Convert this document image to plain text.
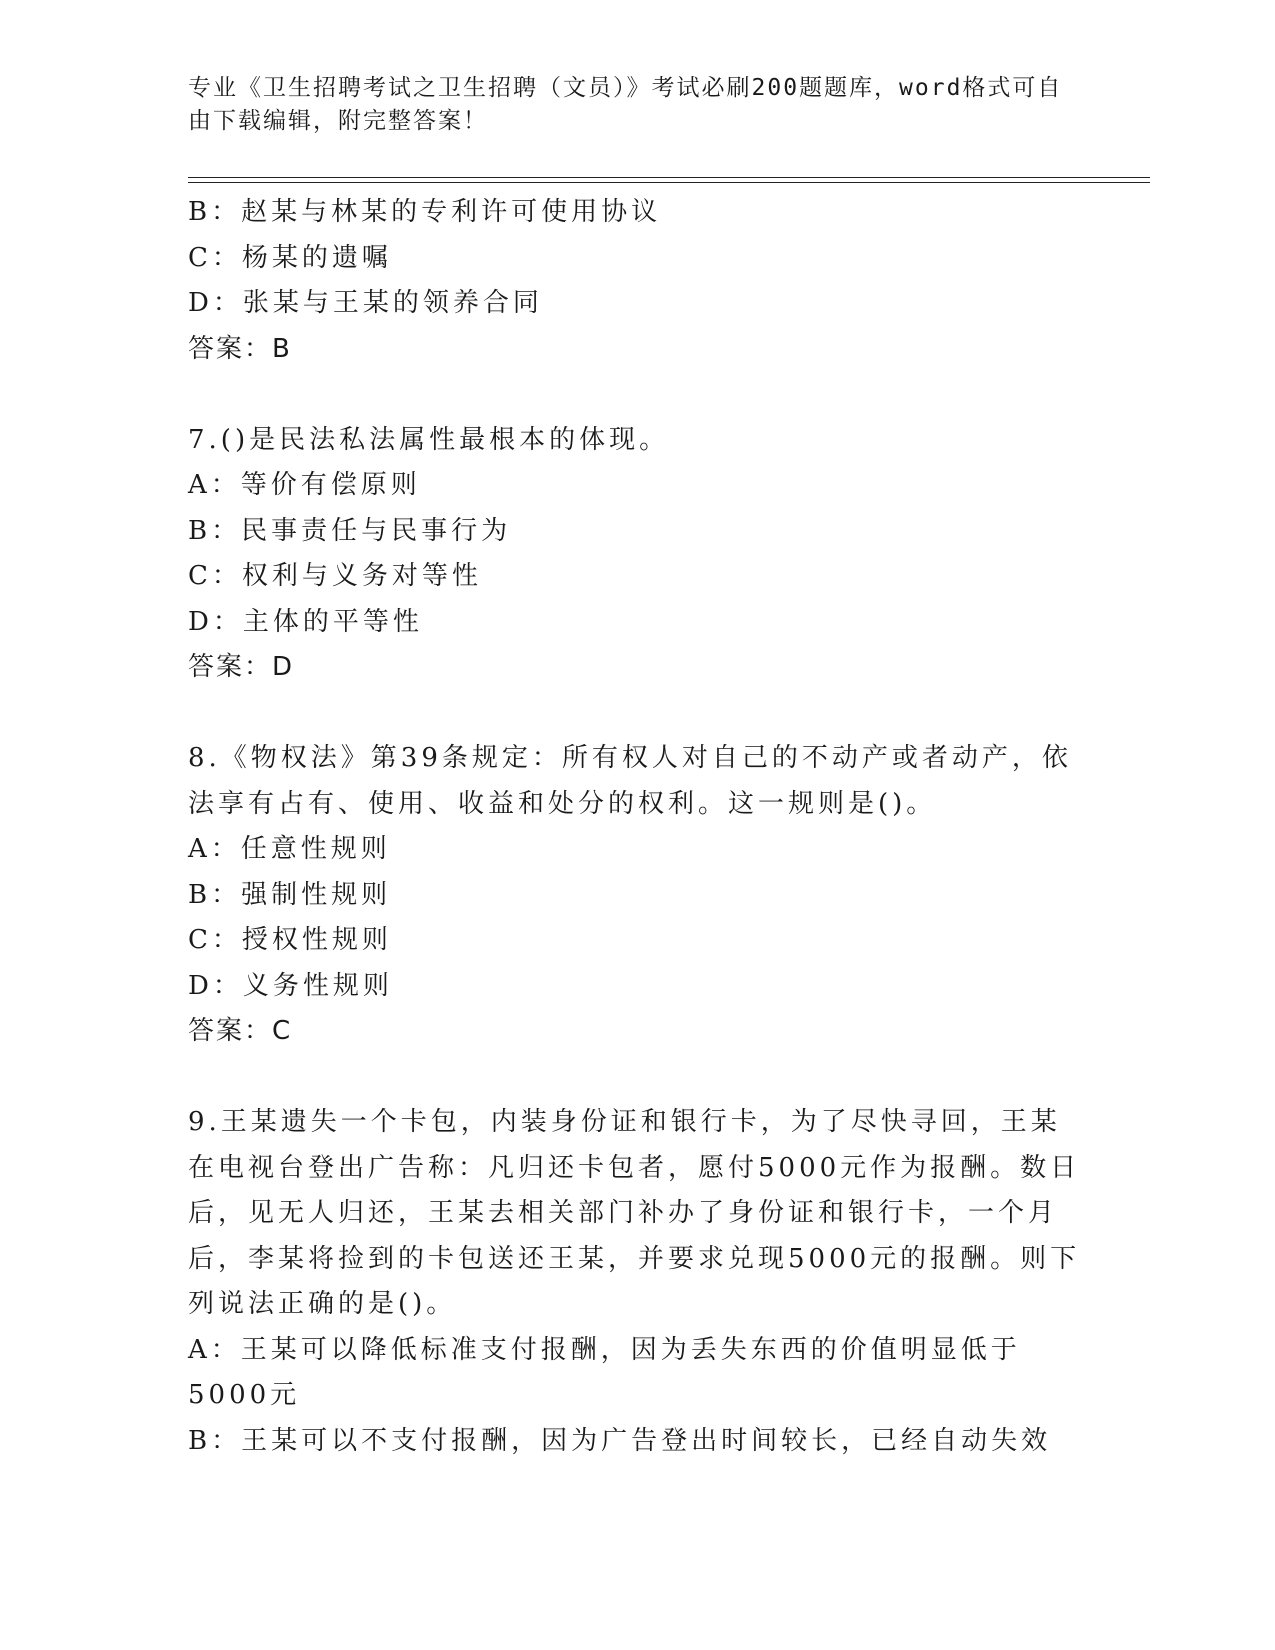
专业《卫生招聘考试之卫生招聘（文员）》考试必刷200题题库，word格式可自由下载编辑，附完整答案！
B：赵某与林某的专利许可使用协议
C：杨某的遗嘱
D：张某与王某的领养合同
答案：B
7.()是民法私法属性最根本的体现。
A：等价有偿原则
B：民事责任与民事行为
C：权利与义务对等性
D：主体的平等性
答案：D
8.《物权法》第39条规定：所有权人对自己的不动产或者动产，依法享有占有、使用、收益和处分的权利。这一规则是()。
A：任意性规则
B：强制性规则
C：授权性规则
D：义务性规则
答案：C
9.王某遗失一个卡包，内装身份证和银行卡，为了尽快寻回，王某在电视台登出广告称：凡归还卡包者，愿付5000元作为报酬。数日后，见无人归还，王某去相关部门补办了身份证和银行卡，一个月后，李某将捡到的卡包送还王某，并要求兑现5000元的报酬。则下列说法正确的是()。
A：王某可以降低标准支付报酬，因为丢失东西的价值明显低于5000元
B：王某可以不支付报酬，因为广告登出时间较长，已经自动失效
